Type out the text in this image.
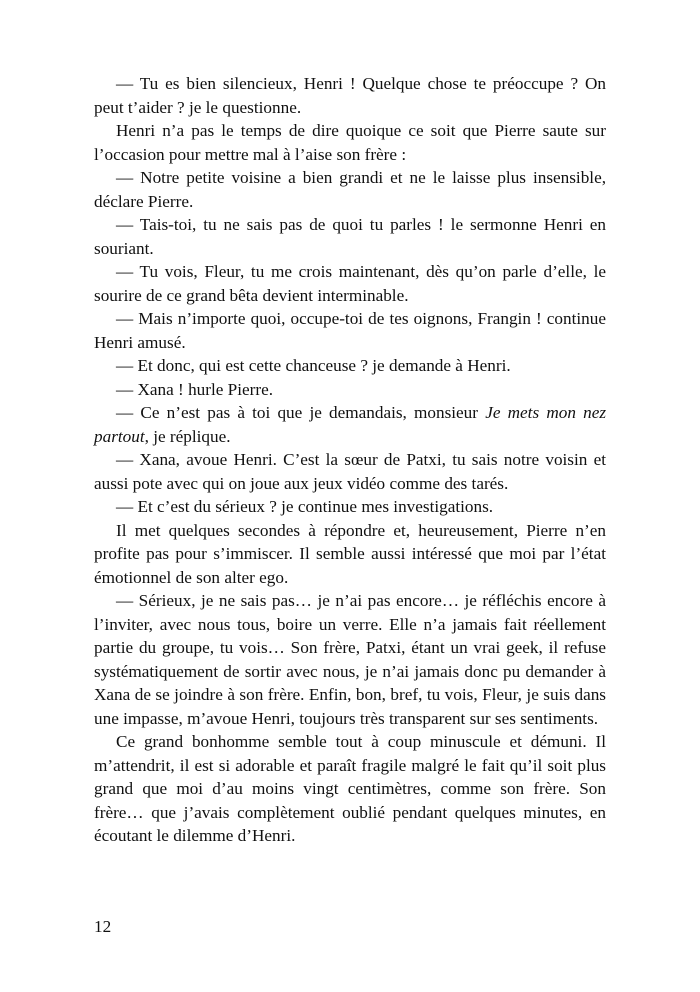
— Tu es bien silencieux, Henri ! Quelque chose te préoccupe ? On peut t’aider ? je le questionne.

Henri n’a pas le temps de dire quoique ce soit que Pierre saute sur l’occasion pour mettre mal à l’aise son frère :

— Notre petite voisine a bien grandi et ne le laisse plus insensible, déclare Pierre.

— Tais-toi, tu ne sais pas de quoi tu parles ! le sermonne Henri en souriant.

— Tu vois, Fleur, tu me crois maintenant, dès qu’on parle d’elle, le sourire de ce grand bêta devient interminable.

— Mais n’importe quoi, occupe-toi de tes oignons, Frangin ! continue Henri amusé.

— Et donc, qui est cette chanceuse ? je demande à Henri.

— Xana ! hurle Pierre.

— Ce n’est pas à toi que je demandais, monsieur Je mets mon nez partout, je réplique.

— Xana, avoue Henri. C’est la sœur de Patxi, tu sais notre voisin et aussi pote avec qui on joue aux jeux vidéo comme des tarés.

— Et c’est du sérieux ? je continue mes investigations.

Il met quelques secondes à répondre et, heureusement, Pierre n’en profite pas pour s’immiscer. Il semble aussi intéressé que moi par l’état émotionnel de son alter ego.

— Sérieux, je ne sais pas… je n’ai pas encore… je réfléchis encore à l’inviter, avec nous tous, boire un verre. Elle n’a jamais fait réellement partie du groupe, tu vois… Son frère, Patxi, étant un vrai geek, il refuse systématiquement de sortir avec nous, je n’ai jamais donc pu demander à Xana de se joindre à son frère. Enfin, bon, bref, tu vois, Fleur, je suis dans une impasse, m’avoue Henri, toujours très transparent sur ses sentiments.

Ce grand bonhomme semble tout à coup minuscule et démuni. Il m’attendrit, il est si adorable et paraît fragile malgré le fait qu’il soit plus grand que moi d’au moins vingt centimètres, comme son frère. Son frère… que j’avais complètement oublié pendant quelques minutes, en écoutant le dilemme d’Henri.

12
